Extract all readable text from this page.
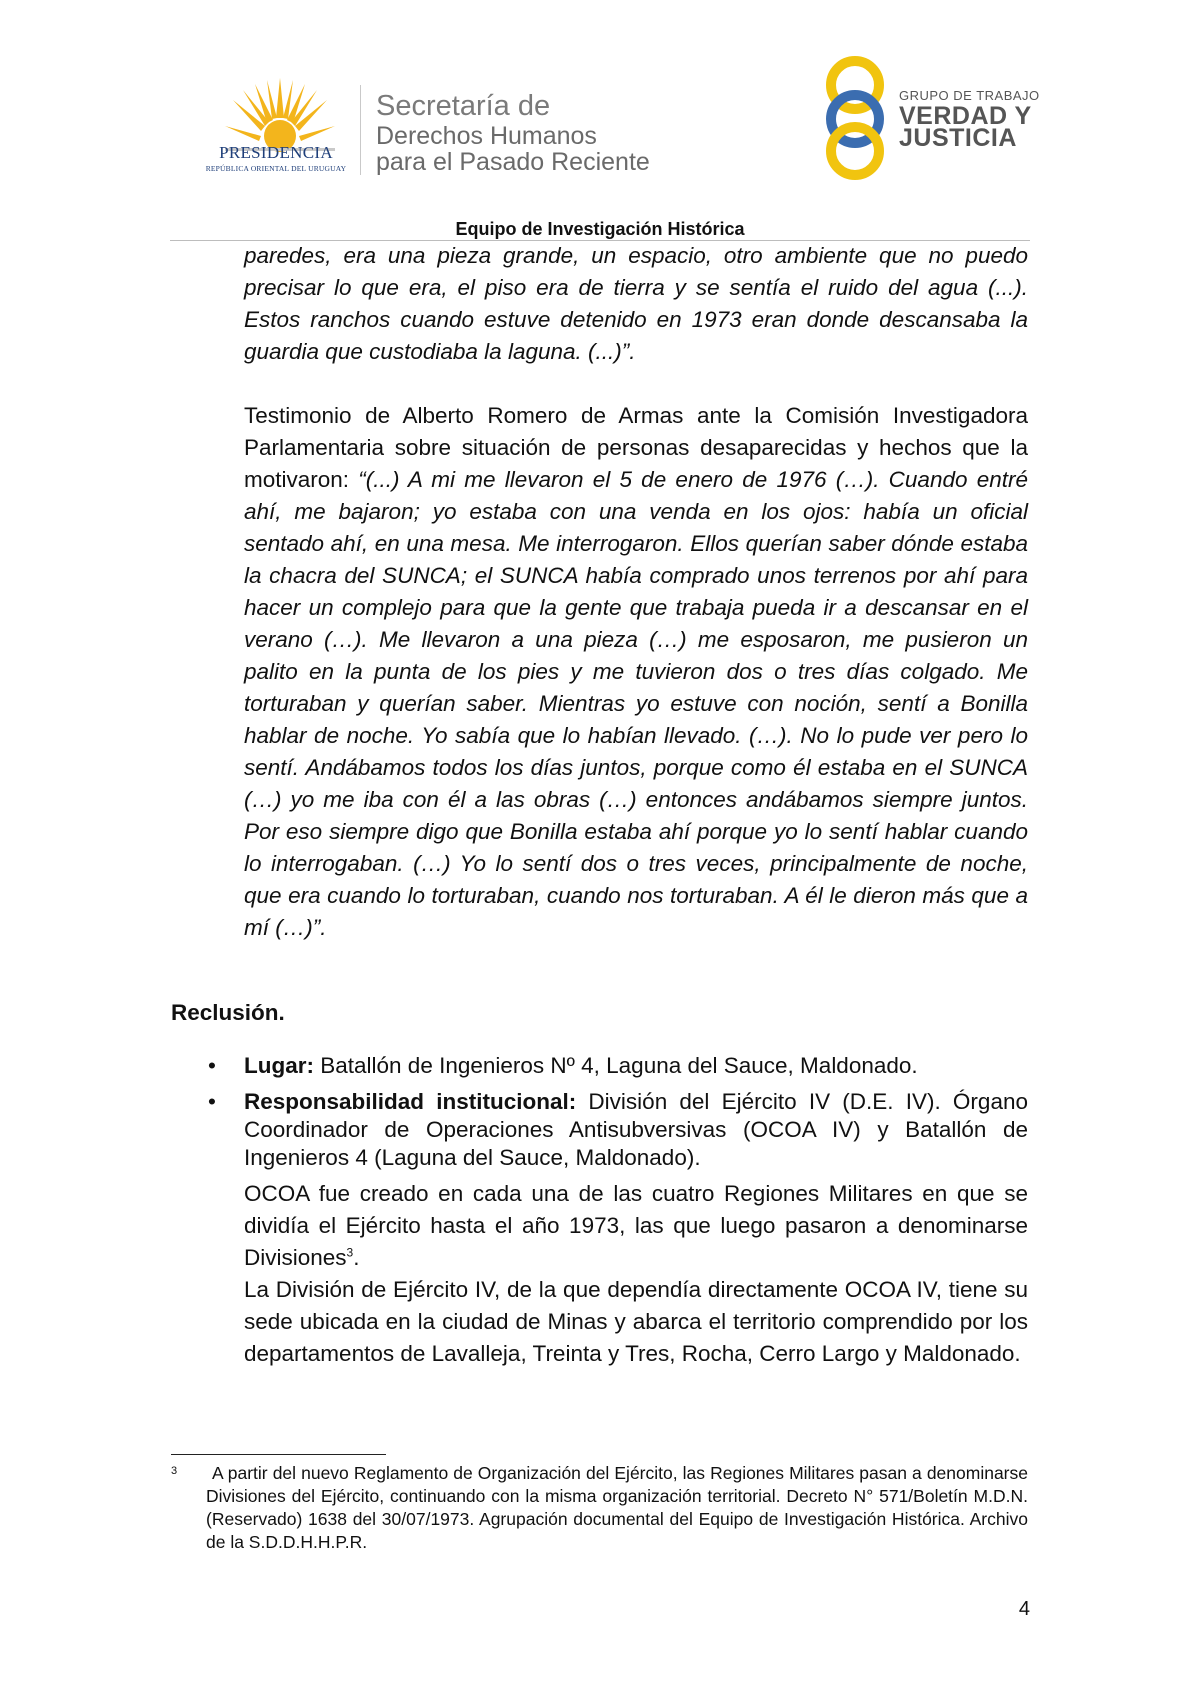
PRESIDENCIA
REPÚBLICA ORIENTAL DEL URUGUAY
Secretaría de
Derechos Humanos
para el Pasado Reciente
GRUPO DE TRABAJO
VERDAD Y
JUSTICIA
Equipo de Investigación Histórica

paredes, era una pieza grande, un espacio, otro ambiente que no puedo precisar lo que era, el piso era de tierra y se sentía el ruido del agua (...). Estos ranchos cuando estuve detenido en 1973 eran donde descansaba la guardia que custodiaba la laguna. (...)”.

Testimonio de Alberto Romero de Armas ante la Comisión Investigadora Parlamentaria sobre situación de personas desaparecidas y hechos que la motivaron: “(...) A mi me llevaron el 5 de enero de 1976 (…). Cuando entré ahí, me bajaron; yo estaba con una venda en los ojos: había un oficial sentado ahí, en una mesa. Me interrogaron. Ellos querían saber dónde estaba la chacra del SUNCA; el SUNCA había comprado unos terrenos por ahí para hacer un complejo para que la gente que trabaja pueda ir a descansar en el verano (…). Me llevaron a una pieza (…) me esposaron, me pusieron un palito en la punta de los pies y me tuvieron dos o tres días colgado. Me torturaban y querían saber. Mientras yo estuve con noción, sentí a Bonilla hablar de noche. Yo sabía que lo habían llevado. (…). No lo pude ver pero lo sentí. Andábamos todos los días juntos, porque como él estaba en el SUNCA (…) yo me iba con él a las obras (…) entonces andábamos siempre juntos. Por eso siempre digo que Bonilla estaba ahí porque yo lo sentí hablar cuando lo interrogaban. (…) Yo lo sentí dos o tres veces, principalmente de noche, que era cuando lo torturaban, cuando nos torturaban. A él le dieron más que a mí (…)”.

Reclusión.
• Lugar: Batallón de Ingenieros Nº 4, Laguna del Sauce, Maldonado.
• Responsabilidad institucional: División del Ejército IV (D.E. IV). Órgano Coordinador de Operaciones Antisubversivas (OCOA IV) y Batallón de Ingenieros 4 (Laguna del Sauce, Maldonado).
OCOA fue creado en cada una de las cuatro Regiones Militares en que se dividía el Ejército hasta el año 1973, las que luego pasaron a denominarse Divisiones$^3$.
La División de Ejército IV, de la que dependía directamente OCOA IV, tiene su sede ubicada en la ciudad de Minas y abarca el territorio comprendido por los departamentos de Lavalleja, Treinta y Tres, Rocha, Cerro Largo y Maldonado.
3	A partir del nuevo Reglamento de Organización del Ejército, las Regiones Militares pasan a denominarse Divisiones del Ejército, continuando con la misma organización territorial. Decreto N° 571/Boletín M.D.N. (Reservado) 1638 del 30/07/1973. Agrupación documental del Equipo de Investigación Histórica. Archivo de la S.D.D.H.H.P.R.
4
